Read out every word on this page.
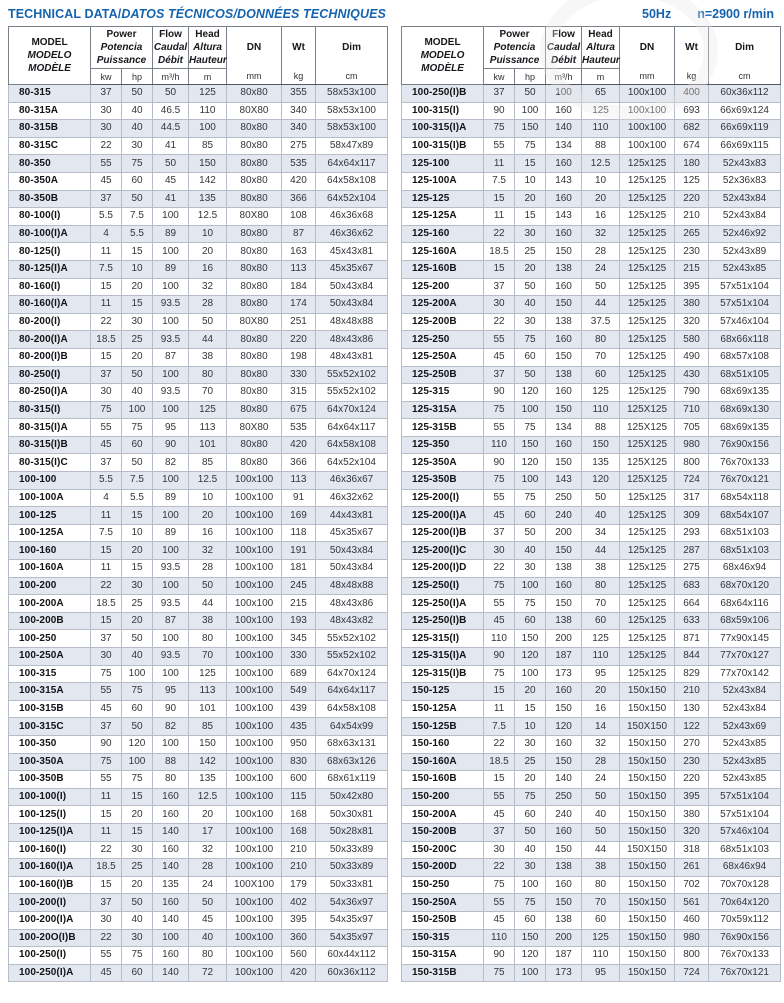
TECHNICAL DATA/DATOS TÉCNICOS/DONNÉES TECHNIQUES	50Hz n=2900 r/min
MODEL
MODELO
MODÈLE

Power
Potencia
Puissance

Flow
Caudal
Débit

Head
Altura
Hauteur

DN	Wt	Dim

	kw	hp	m³/h	m	mm	kg	cm
80-315	37	50	50	125	80x80	355	58x53x100
80-315A	30	40	46.5	110	80X80	340	58x53x100
80-315B	30	40	44.5	100	80x80	340	58x53x100
80-315C	22	30	41	85	80x80	275	58x47x89
80-350	55	75	50	150	80x80	535	64x64x117
80-350A	45	60	45	142	80x80	420	64x58x108
80-350B	37	50	41	135	80x80	366	64x52x104
80-100(I)	5.5	7.5	100	12.5	80X80	108	46x36x68
80-100(I)A	4	5.5	89	10	80x80	87	46x36x62
80-125(I)	11	15	100	20	80x80	163	45x43x81
80-125(I)A	7.5	10	89	16	80x80	113	45x35x67
80-160(I)	15	20	100	32	80x80	184	50x43x84
80-160(I)A	11	15	93.5	28	80x80	174	50x43x84
80-200(I)	22	30	100	50	80X80	251	48x48x88
80-200(I)A	18.5	25	93.5	44	80x80	220	48x43x86
80-200(I)B	15	20	87	38	80x80	198	48x43x81
80-250(I)	37	50	100	80	80x80	330	55x52x102
80-250(I)A	30	40	93.5	70	80x80	315	55x52x102
80-315(I)	75	100	100	125	80x80	675	64x70x124
80-315(I)A	55	75	95	113	80X80	535	64x64x117
80-315(I)B	45	60	90	101	80x80	420	64x58x108
80-315(I)C	37	50	82	85	80x80	366	64x52x104
100-100	5.5	7.5	100	12.5	100x100	113	46x36x67
100-100A	4	5.5	89	10	100x100	91	46x32x62
100-125	11	15	100	20	100x100	169	44x43x81
100-125A	7.5	10	89	16	100x100	118	45x35x67
100-160	15	20	100	32	100x100	191	50x43x84
100-160A	11	15	93.5	28	100x100	181	50x43x84
100-200	22	30	100	50	100x100	245	48x48x88
100-200A	18.5	25	93.5	44	100x100	215	48x43x86
100-200B	15	20	87	38	100x100	193	48x43x82
100-250	37	50	100	80	100x100	345	55x52x102
100-250A	30	40	93.5	70	100x100	330	55x52x102
100-315	75	100	100	125	100x100	689	64x70x124
100-315A	55	75	95	113	100x100	549	64x64x117
100-315B	45	60	90	101	100x100	439	64x58x108
100-315C	37	50	82	85	100x100	435	64x54x99
100-350	90	120	100	150	100x100	950	68x63x131
100-350A	75	100	88	142	100x100	830	68x63x126
100-350B	55	75	80	135	100x100	600	68x61x119
100-100(I)	11	15	160	12.5	100x100	115	50x42x80
100-125(I)	15	20	160	20	100x100	168	50x30x81
100-125(I)A	11	15	140	17	100x100	168	50x28x81
100-160(I)	22	30	160	32	100x100	210	50x33x89
100-160(I)A	18.5	25	140	28	100x100	210	50x33x89
100-160(I)B	15	20	135	24	100X100	179	50x33x81
100-200(I)	37	50	160	50	100x100	402	54x36x97
100-200(I)A	30	40	140	45	100x100	395	54x35x97
100-20O(I)B	22	30	100	40	100x100	360	54x35x97
100-250(I)	55	75	160	80	100x100	560	60x44x112
100-250(I)A	45	60	140	72	100x100	420	60x36x112
MODEL
MODELO
MODÈLE

Power
Potencia
Puissance

Flow
Caudal
Débit

Head
Altura
Hauteur

DN	Wt	Dim

	kw	hp	m³/h	m	mm	kg	cm
100-250(I)B	37	50	100	65	100x100	400	60x36x112
100-315(I)	90	100	160	125	100x100	693	66x69x124
100-315(I)A	75	150	140	110	100x100	682	66x69x119
100-315(I)B	55	75	134	88	100x100	674	66x69x115
125-100	11	15	160	12.5	125x125	180	52x43x83
125-100A	7.5	10	143	10	125x125	125	52x36x83
125-125	15	20	160	20	125x125	220	52x43x84
125-125A	11	15	143	16	125x125	210	52x43x84
125-160	22	30	160	32	125x125	265	52x46x92
125-160A	18.5	25	150	28	125x125	230	52x43x89
125-160B	15	20	138	24	125x125	215	52x43x85
125-200	37	50	160	50	125x125	395	57x51x104
125-200A	30	40	150	44	125x125	380	57x51x104
125-200B	22	30	138	37.5	125x125	320	57x46x104
125-250	55	75	160	80	125x125	580	68x66x118
125-250A	45	60	150	70	125x125	490	68x57x108
125-250B	37	50	138	60	125x125	430	68x51x105
125-315	90	120	160	125	125x125	790	68x69x135
125-315A	75	100	150	110	125X125	710	68x69x130
125-315B	55	75	134	88	125X125	705	68x69x135
125-350	110	150	160	150	125X125	980	76x90x156
125-350A	90	120	150	135	125X125	800	76x70x133
125-350B	75	100	143	120	125X125	724	76x70x121
125-200(I)	55	75	250	50	125x125	317	68x54x118
125-200(I)A	45	60	240	40	125x125	309	68x54x107
125-200(I)B	37	50	200	34	125x125	293	68x51x103
125-200(I)C	30	40	150	44	125x125	287	68x51x103
125-200(I)D	22	30	138	38	125x125	275	68x46x94
125-250(I)	75	100	160	80	125x125	683	68x70x120
125-250(I)A	55	75	150	70	125x125	664	68x64x116
125-250(I)B	45	60	138	60	125x125	633	68x59x106
125-315(I)	110	150	200	125	125x125	871	77x90x145
125-315(I)A	90	120	187	110	125x125	844	77x70x127
125-315(I)B	75	100	173	95	125x125	829	77x70x142
150-125	15	20	160	20	150x150	210	52x43x84
150-125A	11	15	150	16	150x150	130	52x43x84
150-125B	7.5	10	120	14	150X150	122	52x43x69
150-160	22	30	160	32	150x150	270	52x43x85
150-160A	18.5	25	150	28	150x150	230	52x43x85
150-160B	15	20	140	24	150x150	220	52x43x85
150-200	55	75	250	50	150x150	395	57x51x104
150-200A	45	60	240	40	150x150	380	57x51x104
150-200B	37	50	160	50	150x150	320	57x46x104
150-200C	30	40	150	44	150X150	318	68x51x103
150-200D	22	30	138	38	150x150	261	68x46x94
150-250	75	100	160	80	150x150	702	70x70x128
150-250A	55	75	150	70	150x150	561	70x64x120
150-250B	45	60	138	60	150x150	460	70x59x112
150-315	110	150	200	125	150x150	980	76x90x156
150-315A	90	120	187	110	150x150	800	76x70x133
150-315B	75	100	173	95	150x150	724	76x70x121
